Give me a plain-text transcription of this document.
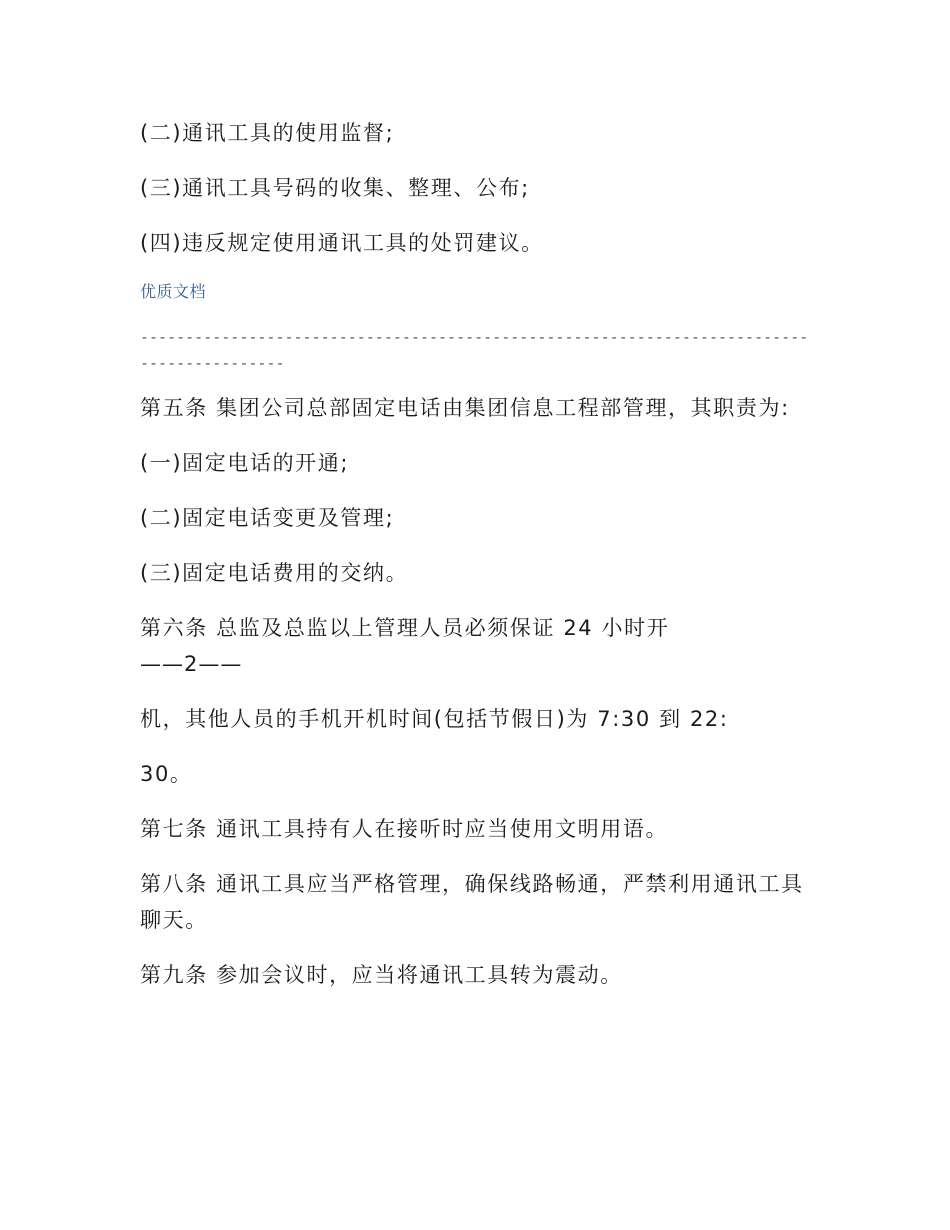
(二)通讯工具的使用监督;

(三)通讯工具号码的收集、整理、公布;

(四)违反规定使用通讯工具的处罚建议。

优质文档

------------------------------------------------------------------------------------------

第五条 集团公司总部固定电话由集团信息工程部管理，其职责为:

(一)固定电话的开通;

(二)固定电话变更及管理;

(三)固定电话费用的交纳。

第六条 总监及总监以上管理人员必须保证 24 小时开

——2——

机，其他人员的手机开机时间(包括节假日)为 7:30 到 22:

30。

第七条 通讯工具持有人在接听时应当使用文明用语。

第八条 通讯工具应当严格管理，确保线路畅通，严禁利用通讯工具聊天。

第九条 参加会议时，应当将通讯工具转为震动。
